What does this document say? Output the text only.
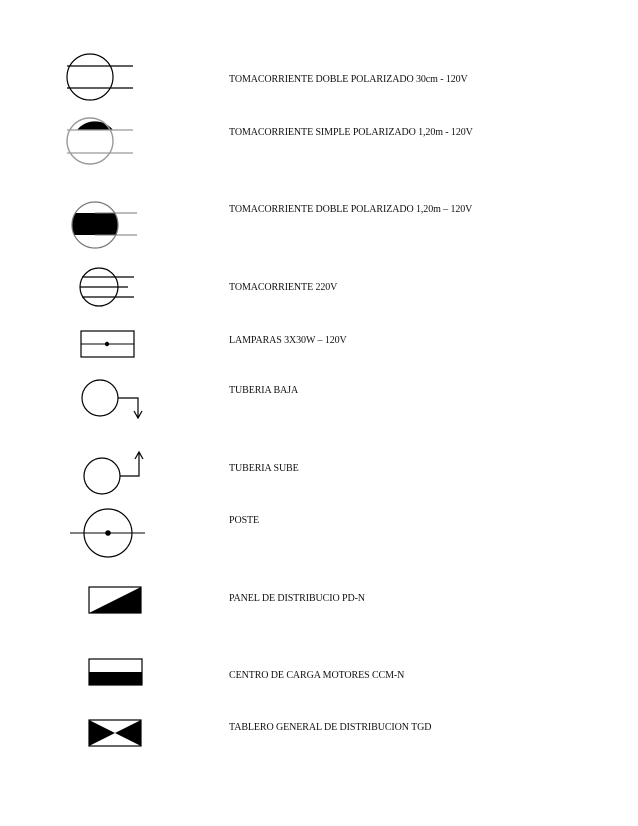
TOMACORRIENTE DOBLE POLARIZADO 30cm - 120V
TOMACORRIENTE SIMPLE POLARIZADO 1,20m - 120V
TOMACORRIENTE DOBLE POLARIZADO 1,20m – 120V
TOMACORRIENTE 220V
LAMPARAS 3X30W – 120V
TUBERIA BAJA
TUBERIA SUBE
POSTE
PANEL DE DISTRIBUCIO PD-N
CENTRO DE CARGA MOTORES CCM-N
TABLERO GENERAL DE DISTRIBUCION TGD
